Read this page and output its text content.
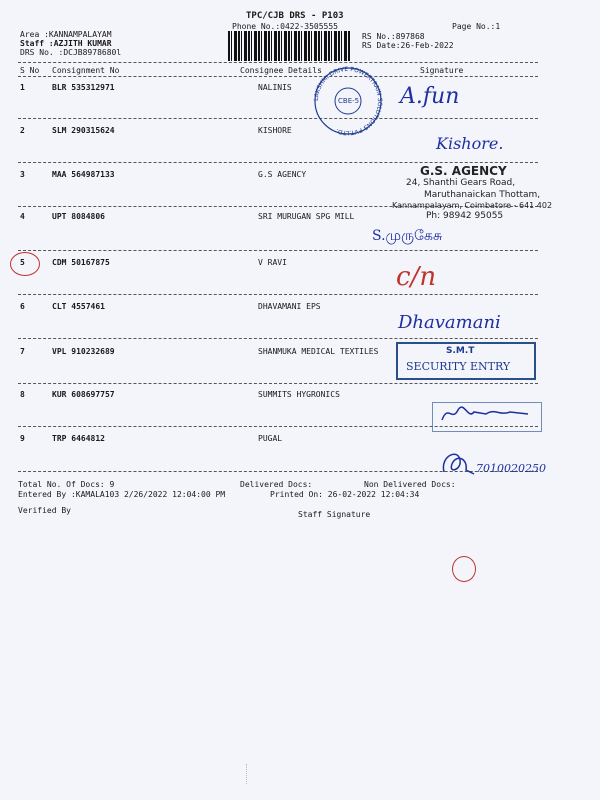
TPC/CJB DRS - P103
Phone No.:0422-3505555	Page No.:1
Area :KANNAMPALAYAM
Staff :AZJITH KUMAR
DRS No. :DCJB8978680l
RS No.:897868
RS Date:26-Feb-2022
S No Consignment No	Consignee Details	Signature
1	BLR 535312971	NALINIS
2	SLM 290315624	KISHORE
3	MAA 564987133	G.S AGENCY
4	UPT 8084806	SRI MURUGAN SPG MILL
5	CDM 50167875	V RAVI
6	CLT 4557461	DHAVAMANI EPS
7	VPL 910232689	SHANMUKA MEDICAL TEXTILES
8	KUR 608697757	SUMMITS HYGRONICS
9	TRP 6464812	PUGAL
Total No. Of Docs: 9	Delivered Docs:	Non Delivered Docs:
Entered By :KAMALA103 2/26/2022 12:04:00 PM	Printed On: 26-02-2022 12:04:34
Verified By	Staff Signature
LAKSHMI DRIVE POWERTRAIN SOLUTIONS PVT.LTD.
CBE-5
G.S. AGENCY
24, Shanthi Gears Road,
Maruthanaickan Thottam,
Kannampalayam, Coimbatore - 641 402
Ph: 98942 95055
S.M.T
SECURITY ENTRY
A.fun
Kishore.
S.முருகேசு
c/n
Dhavamani
7010020250
